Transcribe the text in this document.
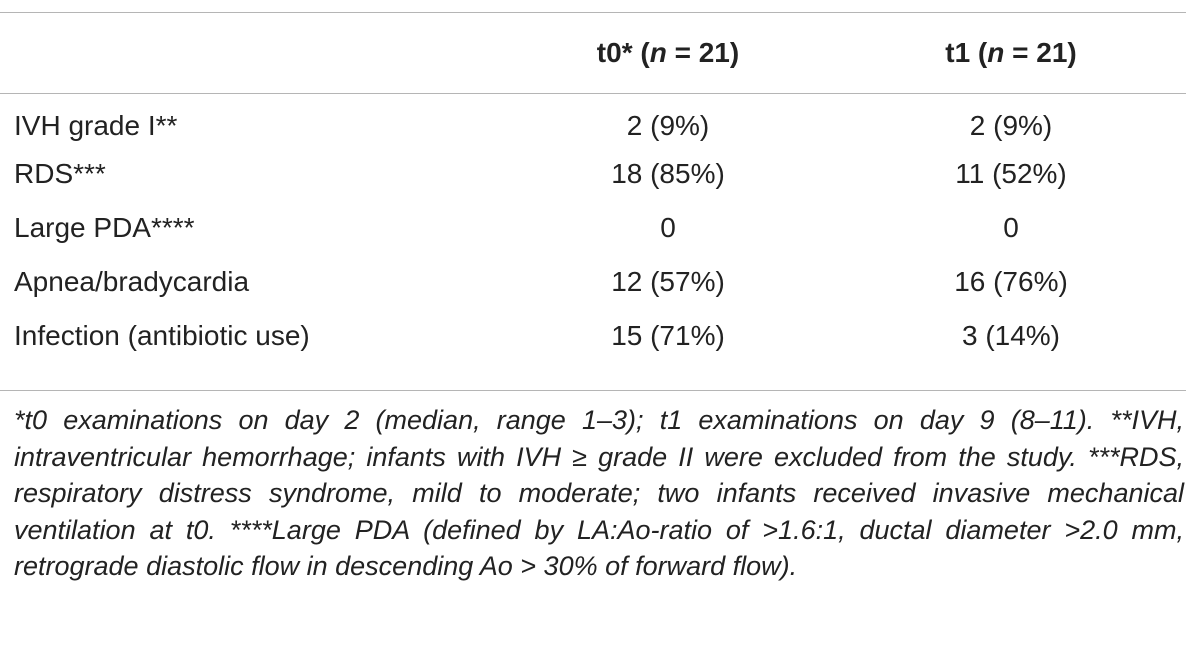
	t0* (n = 21)	t1 (n = 21)
IVH grade I**	2 (9%)	2 (9%)
RDS***	18 (85%)	11 (52%)
Large PDA****	0	0
Apnea/bradycardia	12 (57%)	16 (76%)
Infection (antibiotic use)	15 (71%)	3 (14%)
*t0 examinations on day 2 (median, range 1–3); t1 examinations on day 9 (8–11). **IVH, intraventricular hemorrhage; infants with IVH ≥ grade II were excluded from the study. ***RDS, respiratory distress syndrome, mild to moderate; two infants received invasive mechanical ventilation at t0. ****Large PDA (defined by LA:Ao-ratio of >1.6:1, ductal diameter >2.0 mm, retrograde diastolic flow in descending Ao > 30% of forward flow).
